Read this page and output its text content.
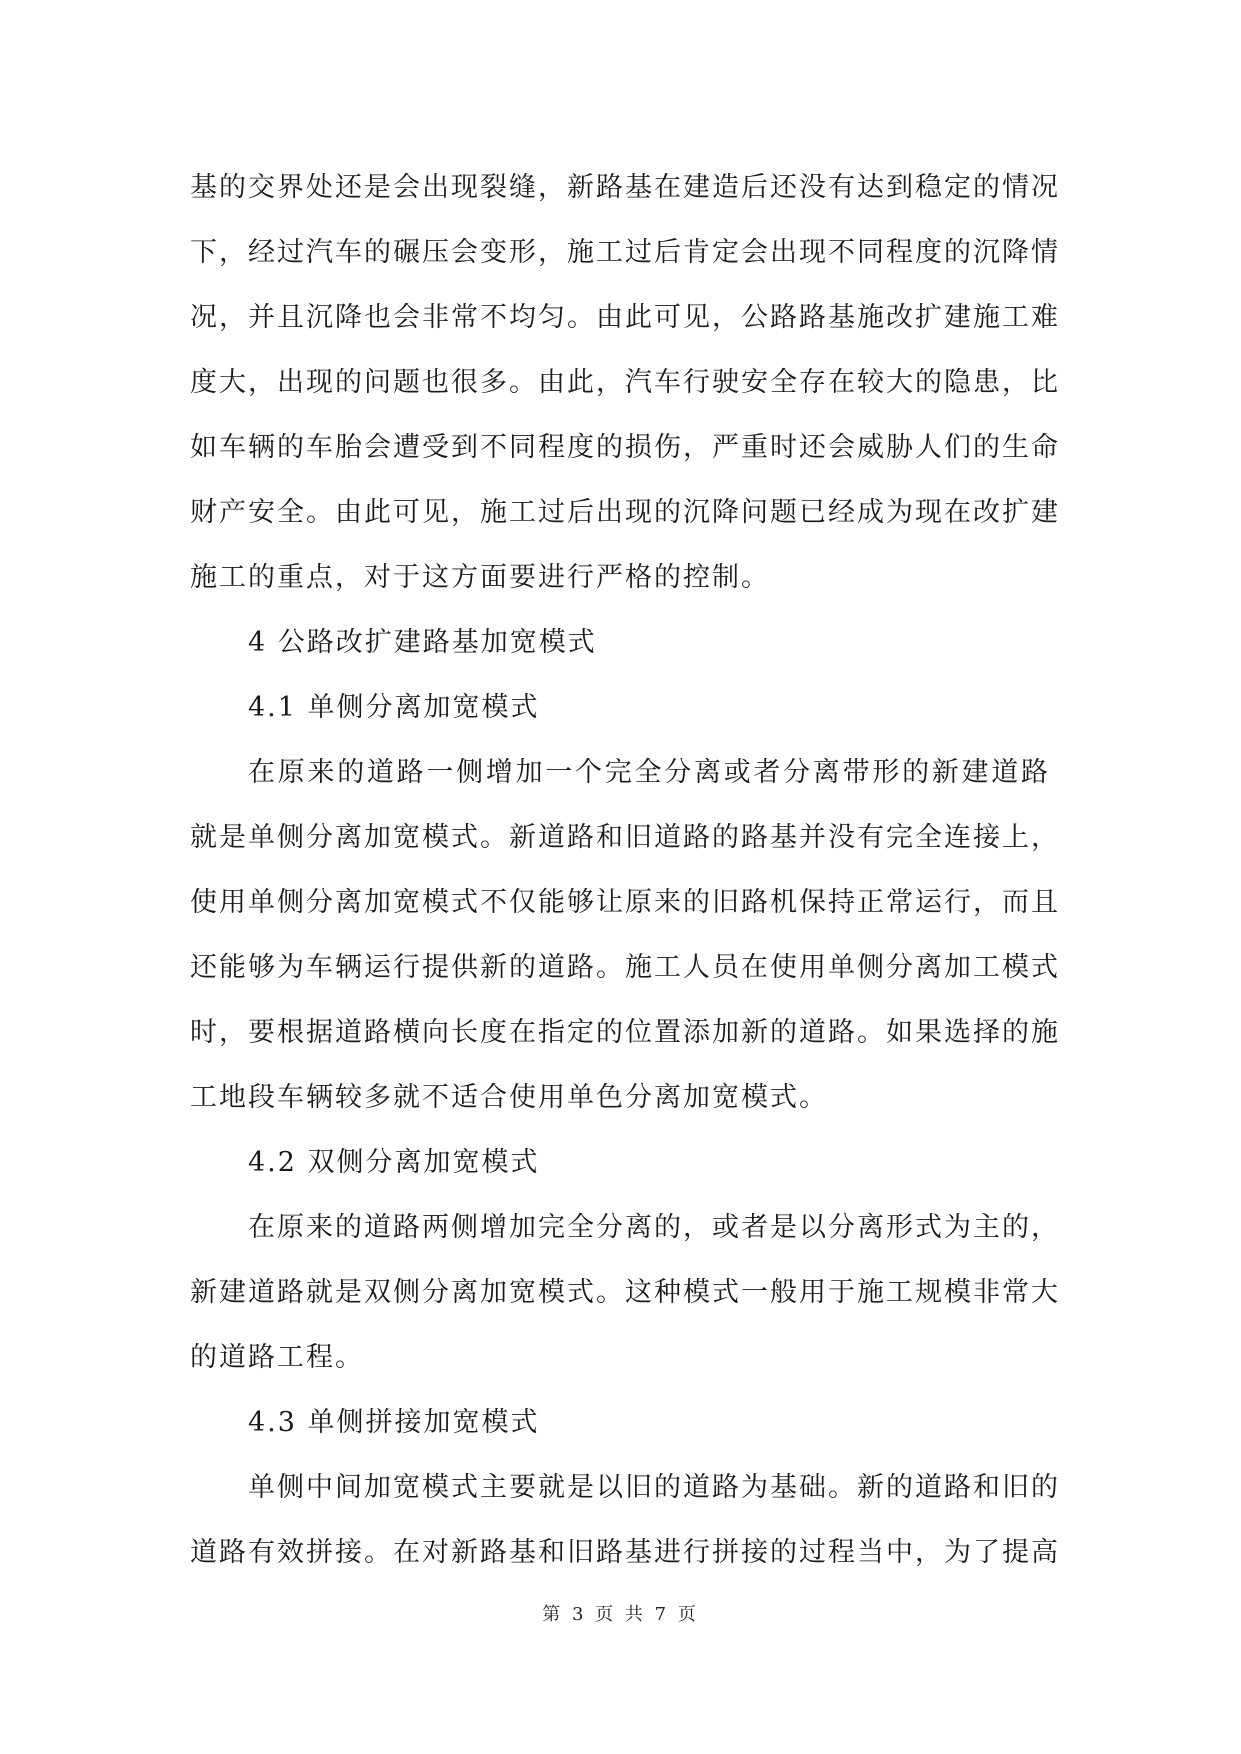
基的交界处还是会出现裂缝，新路基在建造后还没有达到稳定的情况
下，经过汽车的碾压会变形，施工过后肯定会出现不同程度的沉降情
况，并且沉降也会非常不均匀。由此可见，公路路基施改扩建施工难
度大，出现的问题也很多。由此，汽车行驶安全存在较大的隐患，比
如车辆的车胎会遭受到不同程度的损伤，严重时还会威胁人们的生命
财产安全。由此可见，施工过后出现的沉降问题已经成为现在改扩建
施工的重点，对于这方面要进行严格的控制。
4 公路改扩建路基加宽模式
4.1 单侧分离加宽模式
在原来的道路一侧增加一个完全分离或者分离带形的新建道路
就是单侧分离加宽模式。新道路和旧道路的路基并没有完全连接上，
使用单侧分离加宽模式不仅能够让原来的旧路机保持正常运行，而且
还能够为车辆运行提供新的道路。施工人员在使用单侧分离加工模式
时，要根据道路横向长度在指定的位置添加新的道路。如果选择的施
工地段车辆较多就不适合使用单色分离加宽模式。
4.2 双侧分离加宽模式
在原来的道路两侧增加完全分离的，或者是以分离形式为主的，
新建道路就是双侧分离加宽模式。这种模式一般用于施工规模非常大
的道路工程。
4.3 单侧拼接加宽模式
单侧中间加宽模式主要就是以旧的道路为基础。新的道路和旧的
道路有效拼接。在对新路基和旧路基进行拼接的过程当中，为了提高
第 3 页 共 7 页
